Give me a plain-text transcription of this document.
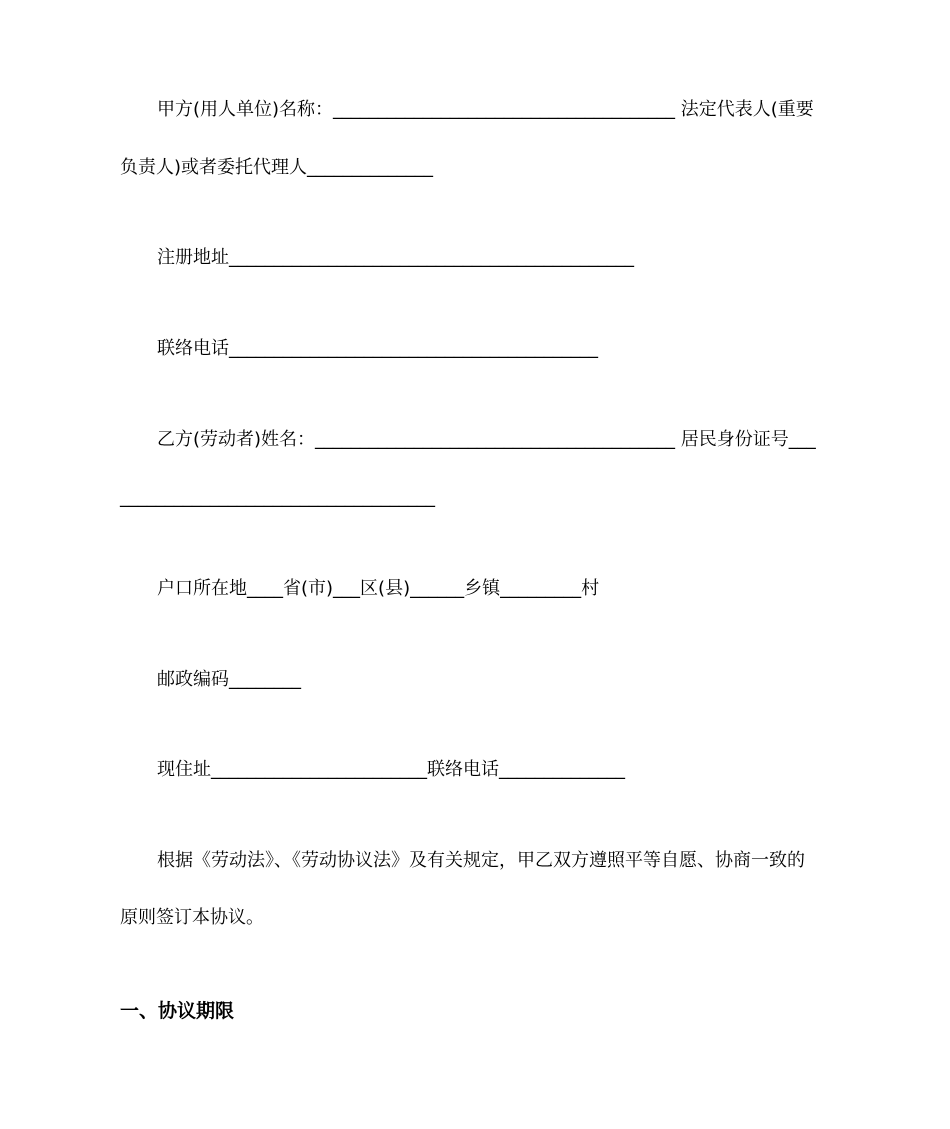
甲方(用人单位)名称：______________________________________ 法定代表人(重要
负责人)或者委托代理人______________
注册地址_____________________________________________
联络电话_________________________________________
乙方(劳动者)姓名：________________________________________ 居民身份证号___
___________________________________
户口所在地____省(市)___区(县)______乡镇_________村
邮政编码________
现住址________________________联络电话______________
根据《劳动法》、《劳动协议法》及有关规定，甲乙双方遵照平等自愿、协商一致的
原则签订本协议。
一、协议期限
